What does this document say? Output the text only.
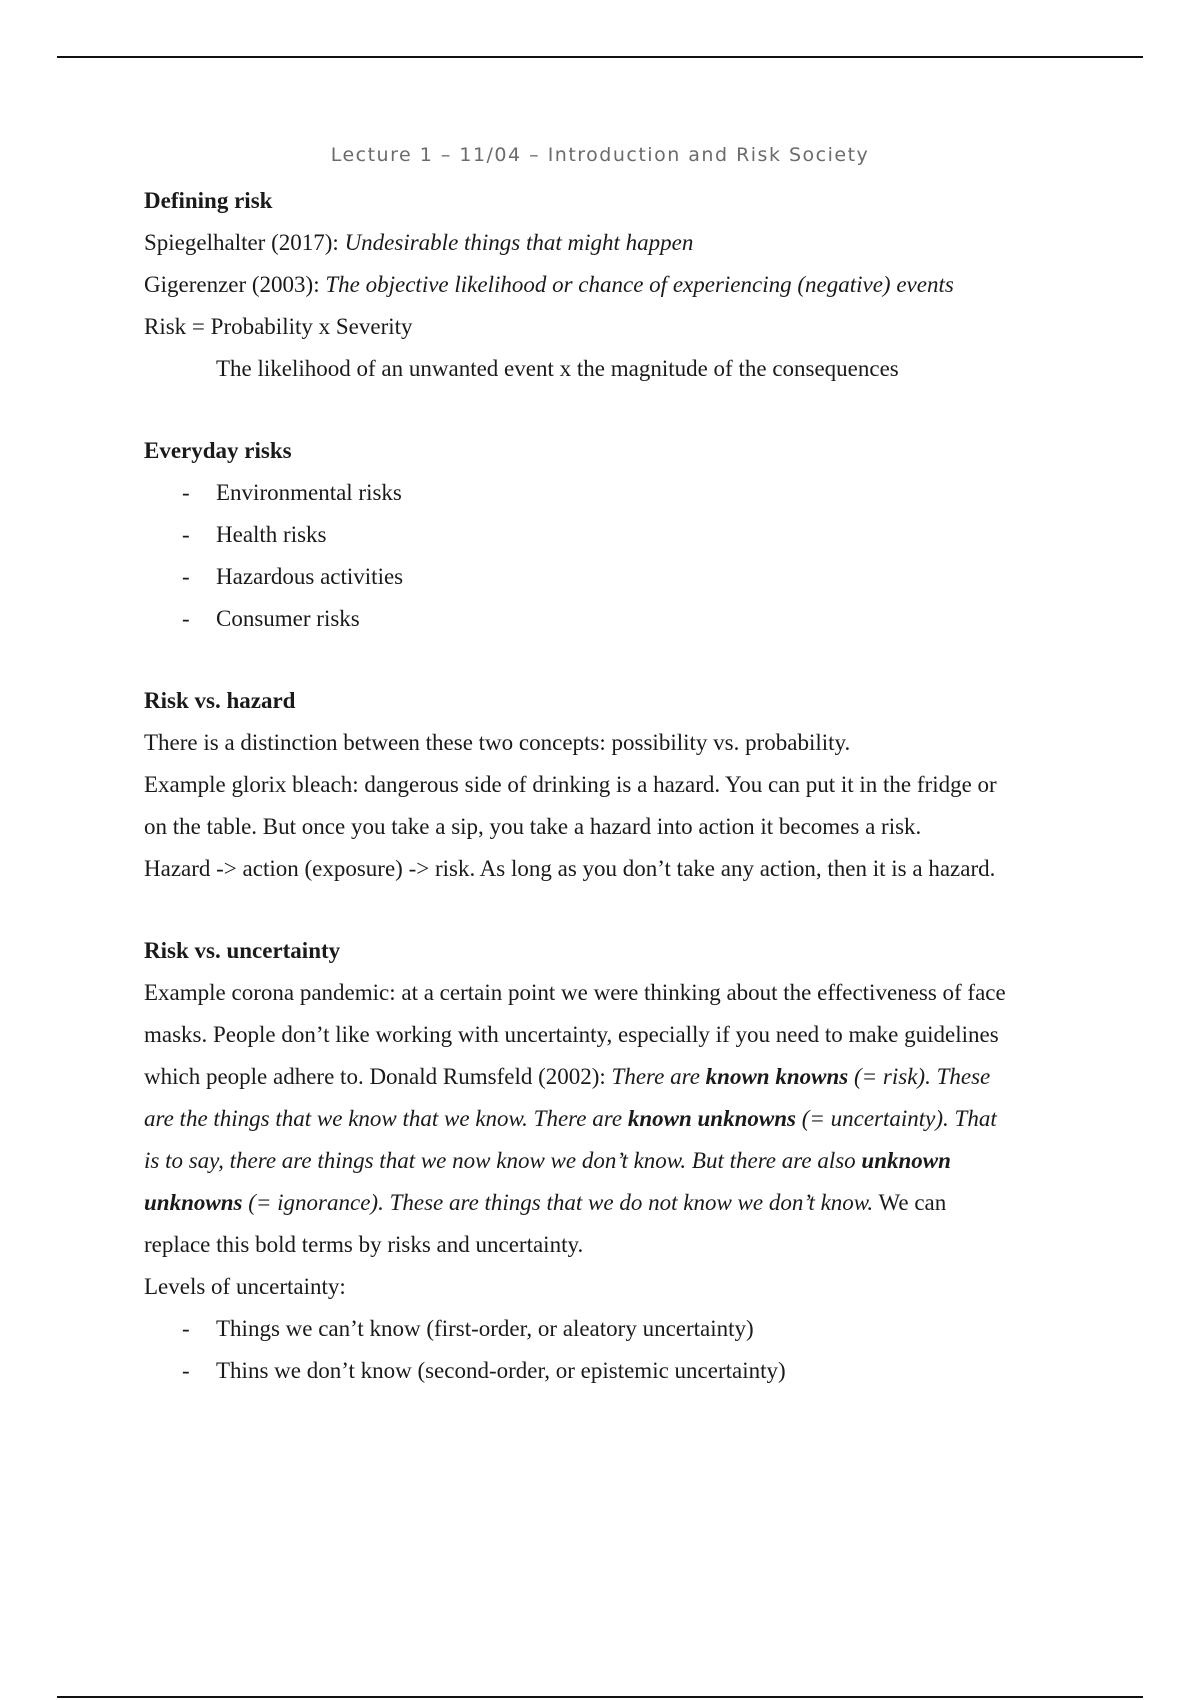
Lecture 1 – 11/04 – Introduction and Risk Society
Defining risk
Spiegelhalter (2017): Undesirable things that might happen
Gigerenzer (2003): The objective likelihood or chance of experiencing (negative) events
Risk = Probability x Severity
The likelihood of an unwanted event x the magnitude of the consequences
Everyday risks
-	Environmental risks
-	Health risks
-	Hazardous activities
-	Consumer risks
Risk vs. hazard
There is a distinction between these two concepts: possibility vs. probability.
Example glorix bleach: dangerous side of drinking is a hazard. You can put it in the fridge or
on the table. But once you take a sip, you take a hazard into action it becomes a risk.
Hazard -> action (exposure) -> risk. As long as you don’t take any action, then it is a hazard.
Risk vs. uncertainty
Example corona pandemic: at a certain point we were thinking about the effectiveness of face
masks. People don’t like working with uncertainty, especially if you need to make guidelines
which people adhere to. Donald Rumsfeld (2002): There are known knowns (= risk). These
are the things that we know that we know. There are known unknowns (= uncertainty). That
is to say, there are things that we now know we don’t know. But there are also unknown
unknowns (= ignorance). These are things that we do not know we don’t know. We can
replace this bold terms by risks and uncertainty.
Levels of uncertainty:
-	Things we can’t know (first-order, or aleatory uncertainty)
-	Thins we don’t know (second-order, or epistemic uncertainty)
